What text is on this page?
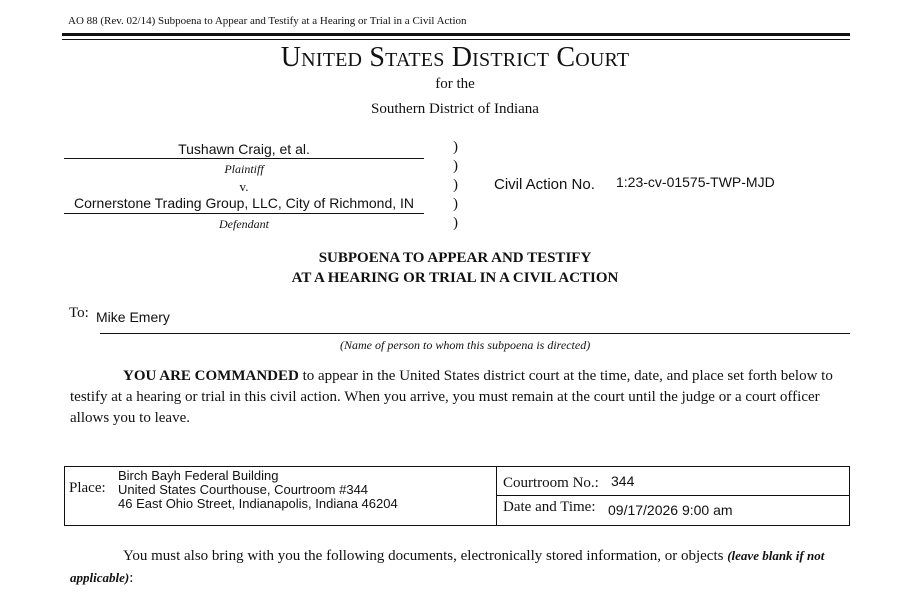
AO 88 (Rev. 02/14) Subpoena to Appear and Testify at a Hearing or Trial in a Civil Action
United States District Court
for the
Southern District of Indiana
Tushawn Craig, et al.
Plaintiff
v.
Cornerstone Trading Group, LLC, City of Richmond, IN
Defendant
)
)
)
)
)
Civil Action No. 1:23-cv-01575-TWP-MJD
SUBPOENA TO APPEAR AND TESTIFY
AT A HEARING OR TRIAL IN A CIVIL ACTION
To: Mike Emery
(Name of person to whom this subpoena is directed)
YOU ARE COMMANDED to appear in the United States district court at the time, date, and place set forth below to testify at a hearing or trial in this civil action. When you arrive, you must remain at the court until the judge or a court officer allows you to leave.
Place:
Birch Bayh Federal Building
United States Courthouse, Courtroom #344
46 East Ohio Street, Indianapolis, Indiana 46204
Courtroom No.: 344
Date and Time: 09/17/2026 9:00 am
You must also bring with you the following documents, electronically stored information, or objects (leave blank if not applicable):
